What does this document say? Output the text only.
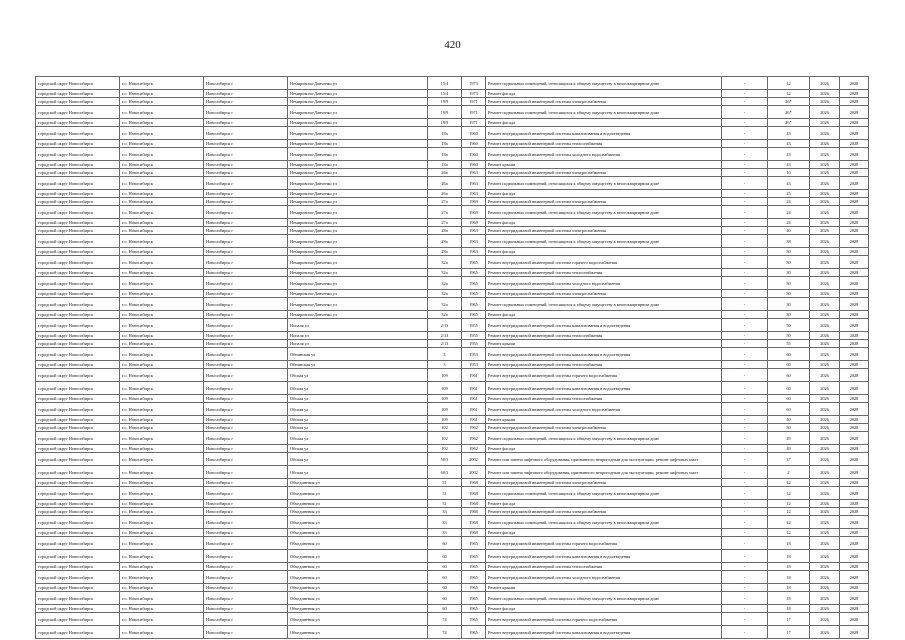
420
городской округ Новосибирск	г.о. Новосибирск	Новосибирск г	Немировича-Данченко ул	15/4	1973	Ремонт подвальных помещений, относящихся к общему имуществу в многоквартирном доме	-	12	2026	2028
городской округ Новосибирск	г.о. Новосибирск	Новосибирск г	Немировича-Данченко ул	15/4	1973	Ремонт фасада	-	12	2026	2028
городской округ Новосибирск	г.о. Новосибирск	Новосибирск г	Немировича-Данченко ул	19/9	1971	Ремонт внутридомовой инженерной системы электроснабжения	-	26*	2026	2028
городской округ Новосибирск	г.о. Новосибирск	Новосибирск г	Немировича-Данченко ул	19/9	1971	Ремонт подвальных помещений, относящихся к общему имуществу в многоквартирном доме	-	26*	2026	2028
городской округ Новосибирск	г.о. Новосибирск	Новосибирск г	Немировича-Данченко ул	19/9	1971	Ремонт фасада	-	26*	2026	2028
городской округ Новосибирск	г.о. Новосибирск	Новосибирск г	Немировича-Данченко ул	18а	1960	Ремонт внутридомовой инженерной системы канализования и водоотведения	-	43	2026	2028
городской округ Новосибирск	г.о. Новосибирск	Новосибирск г	Немировича-Данченко ул	18а	1960	Ремонт внутридомовой инженерной системы теплоснабжения	-	43	2026	2028
городской округ Новосибирск	г.о. Новосибирск	Новосибирск г	Немировича-Данченко ул	18а	1960	Ремонт внутридомовой инженерной системы холодного водоснабжения	-	43	2026	2028
городской округ Новосибирск	г.о. Новосибирск	Новосибирск г	Немировича-Данченко ул	18а	1960	Ремонт крыши	-	43	2026	2028
городской округ Новосибирск	г.о. Новосибирск	Новосибирск г	Немировича-Данченко ул	26а	1963	Ремонт внутридомовой инженерной системы электроснабжения	-	10	2026	2028
городской округ Новосибирск	г.о. Новосибирск	Новосибирск г	Немировича-Данченко ул	26а	1963	Ремонт подвальных помещений, относящихся к общему имуществу в многоквартирном доме	-	43	2026	2028
городской округ Новосибирск	г.о. Новосибирск	Новосибирск г	Немировича-Данченко ул	26а	1963	Ремонт фасада	-	25	2026	2028
городской округ Новосибирск	г.о. Новосибирск	Новосибирск г	Немировича-Данченко ул	27а	1969	Ремонт внутридомовой инженерной системы электроснабжения	-	24	2026	2028
городской округ Новосибирск	г.о. Новосибирск	Новосибирск г	Немировича-Данченко ул	27а	1969	Ремонт подвальных помещений, относящихся к общему имуществу в многоквартирном доме	-	24	2026	2028
городской округ Новосибирск	г.о. Новосибирск	Новосибирск г	Немировича-Данченко ул	27а	1969	Ремонт фасада	-	24	2026	2028
городской округ Новосибирск	г.о. Новосибирск	Новосибирск г	Немировича-Данченко ул	28а	1963	Ремонт внутридомовой инженерной системы электроснабжения	-	40	2026	2028
городской округ Новосибирск	г.о. Новосибирск	Новосибирск г	Немировича-Данченко ул	28а	1963	Ремонт подвальных помещений, относящихся к общему имуществу в многоквартирном доме	-	38	2026	2028
городской округ Новосибирск	г.о. Новосибирск	Новосибирск г	Немировича-Данченко ул	28а	1963	Ремонт фасада	-	30	2026	2028
городской округ Новосибирск	г.о. Новосибирск	Новосибирск г	Немировича-Данченко ул	32а	1965	Ремонт внутридомовой инженерной системы горячего водоснабжения	-	30	2026	2028
городской округ Новосибирск	г.о. Новосибирск	Новосибирск г	Немировича-Данченко ул	32а	1965	Ремонт внутридомовой инженерной системы теплоснабжения	-	30	2026	2028
городской округ Новосибирск	г.о. Новосибирск	Новосибирск г	Немировича-Данченко ул	32а	1965	Ремонт внутридомовой инженерной системы холодного водоснабжения	-	30	2026	2028
городской округ Новосибирск	г.о. Новосибирск	Новосибирск г	Немировича-Данченко ул	32а	1965	Ремонт внутридомовой инженерной системы электроснабжения	-	30	2026	2028
городской округ Новосибирск	г.о. Новосибирск	Новосибирск г	Немировича-Данченко ул	32а	1965	Ремонт подвальных помещений, относящихся к общему имуществу в многоквартирном доме	-	30	2026	2028
городской округ Новосибирск	г.о. Новосибирск	Новосибирск г	Немировича-Данченко ул	32а	1965	Ремонт фасада	-	30	2026	2028
городской округ Новосибирск	г.о. Новосибирск	Новосибирск г	Нопаля ул	2/13	1955	Ремонт внутридомовой инженерной системы канализования и водоотведения	-	50	2026	2028
городской округ Новосибирск	г.о. Новосибирск	Новосибирск г	Нопаля ул	2/13	1955	Ремонт внутридомовой инженерной системы теплоснабжения	-	50	2026	2028
городской округ Новосибирск	г.о. Новосибирск	Новосибирск г	Нопаля ул	2/13	1955	Ремонт крыши	-	55	2026	2028
городской округ Новосибирск	г.о. Новосибирск	Новосибирск г	Обнинская ул	3	1953	Ремонт внутридомовой инженерной системы канализования и водоотведения	-	60	2026	2028
городской округ Новосибирск	г.о. Новосибирск	Новосибирск г	Обнинская ул	3	1953	Ремонт внутридомовой инженерной системы теплоснабжения	-	60	2026	2028
городской округ Новосибирск	г.о. Новосибирск	Новосибирск г	Обская ул	109	1961	Ремонт внутридомовой инженерной системы горячего водоснабжения	-	60	2026	2028
городской округ Новосибирск	г.о. Новосибирск	Новосибирск г	Обская ул	109	1961	Ремонт внутридомовой инженерной системы канализования и водоотведения	-	60	2026	2028
городской округ Новосибирск	г.о. Новосибирск	Новосибирск г	Обская ул	109	1961	Ремонт внутридомовой инженерной системы теплоснабжения	-	60	2026	2028
городской округ Новосибирск	г.о. Новосибирск	Новосибирск г	Обская ул	109	1961	Ремонт внутридомовой инженерной системы холодного водоснабжения	-	60	2026	2028
городской округ Новосибирск	г.о. Новосибирск	Новосибирск г	Обская ул	109	1961	Ремонт крыши	-	40	2026	2028
городской округ Новосибирск	г.о. Новосибирск	Новосибирск г	Обская ул	102	1962	Ремонт внутридомовой инженерной системы электроснабжения	-	30	2026	2028
городской округ Новосибирск	г.о. Новосибирск	Новосибирск г	Обская ул	102	1962	Ремонт подвальных помещений, относящихся к общему имуществу в многоквартирном доме	-	49	2026	2028
городской округ Новосибирск	г.о. Новосибирск	Новосибирск г	Обская ул	102	1962	Ремонт фасада	-	49	2026	2028
городской округ Новосибирск	г.о. Новосибирск	Новосибирск г	Обская ул	50/3	2002	Ремонт или замена лифтового оборудования, признанного непригодным для эксплуатации, ремонт лифтовых шахт	-	37	2026	2028
городской округ Новосибирск	г.о. Новосибирск	Новосибирск г	Обская ул	60/3	2002	Ремонт или замена лифтового оборудования, признанного непригодным для эксплуатации, ремонт лифтовых шахт	-	2	2026	2028
городской округ Новосибирск	г.о. Новосибирск	Новосибирск г	Объединения ул	31	1968	Ремонт внутридомовой инженерной системы электроснабжения	-	12	2026	2028
городской округ Новосибирск	г.о. Новосибирск	Новосибирск г	Объединения ул	31	1968	Ремонт подвальных помещений, относящихся к общему имуществу в многоквартирном доме	-	12	2026	2028
городской округ Новосибирск	г.о. Новосибирск	Новосибирск г	Объединения ул	31	1968	Ремонт фасада	-	12	2026	2028
городской округ Новосибирск	г.о. Новосибирск	Новосибирск г	Объединения ул	33	1968	Ремонт внутридомовой инженерной системы электроснабжения	-	12	2026	2028
городской округ Новосибирск	г.о. Новосибирск	Новосибирск г	Объединения ул	33	1968	Ремонт подвальных помещений, относящихся к общему имуществу в многоквартирном доме	-	12	2026	2028
городской округ Новосибирск	г.о. Новосибирск	Новосибирск г	Объединения ул	33	1968	Ремонт фасада	-	12	2026	2028
городской округ Новосибирск	г.о. Новосибирск	Новосибирск г	Объединения ул	60	1965	Ремонт внутридомовой инженерной системы горячего водоснабжения	-	18	2026	2028
городской округ Новосибирск	г.о. Новосибирск	Новосибирск г	Объединения ул	60	1965	Ремонт внутридомовой инженерной системы канализования и водоотведения	-	18	2026	2028
городской округ Новосибирск	г.о. Новосибирск	Новосибирск г	Объединения ул	60	1965	Ремонт внутридомовой инженерной системы теплоснабжения	-	18	2026	2028
городской округ Новосибирск	г.о. Новосибирск	Новосибирск г	Объединения ул	60	1965	Ремонт внутридомовой инженерной системы холодного водоснабжения	-	18	2026	2028
городской округ Новосибирск	г.о. Новосибирск	Новосибирск г	Объединения ул	60	1965	Ремонт крыши	-	18	2026	2028
городской округ Новосибирск	г.о. Новосибирск	Новосибирск г	Объединения ул	60	1965	Ремонт подвальных помещений, относящихся к общему имуществу в многоквартирном доме	-	18	2026	2028
городской округ Новосибирск	г.о. Новосибирск	Новосибирск г	Объединения ул	60	1965	Ремонт фасада	-	18	2026	2028
городской округ Новосибирск	г.о. Новосибирск	Новосибирск г	Объединения ул	74	1965	Ремонт внутридомовой инженерной системы горячего водоснабжения	-	17	2026	2028
городской округ Новосибирск	г.о. Новосибирск	Новосибирск г	Объединения ул	74	1965	Ремонт внутридомовой инженерной системы канализования и водоотведения	-	17	2026	2028
